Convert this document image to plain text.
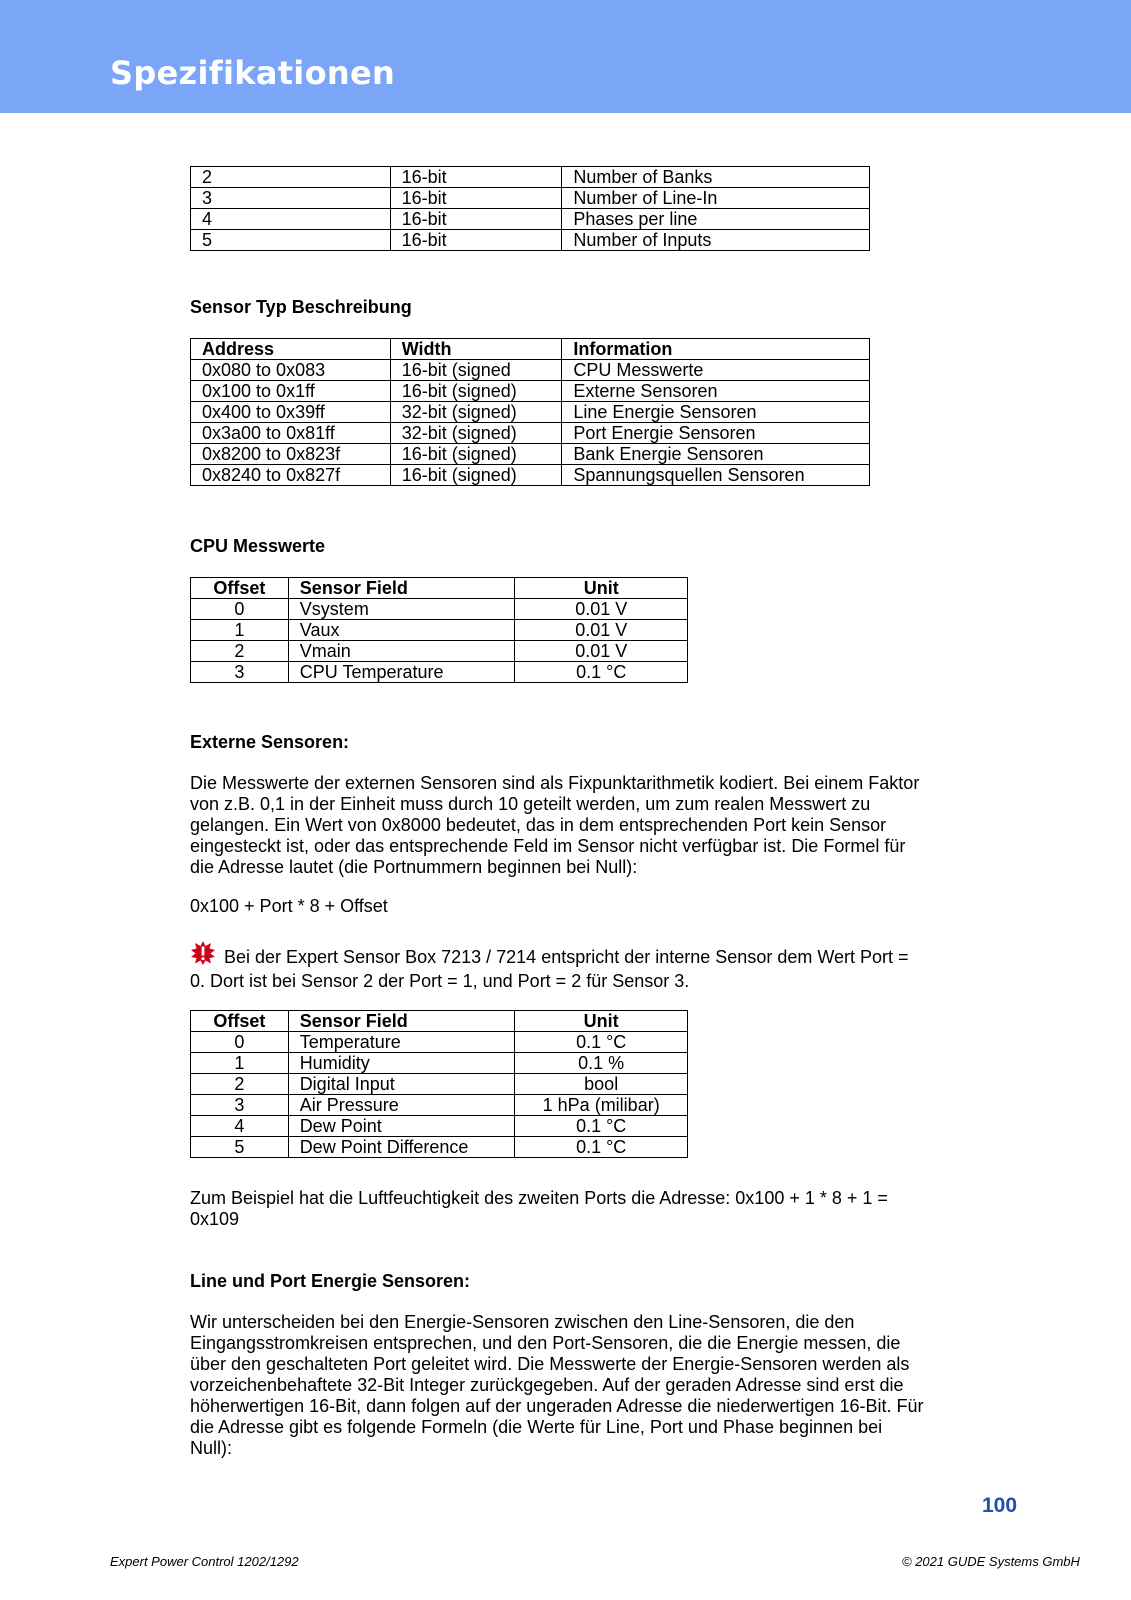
Spezifikationen
2	16-bit	Number of Banks
3	16-bit	Number of Line-In
4	16-bit	Phases per line
5	16-bit	Number of Inputs
Sensor Typ Beschreibung
Address	Width	Information
0x080 to 0x083	16-bit (signed	CPU Messwerte
0x100 to 0x1ff	16-bit (signed)	Externe Sensoren
0x400 to 0x39ff	32-bit (signed)	Line Energie Sensoren
0x3a00 to 0x81ff	32-bit (signed)	Port Energie Sensoren
0x8200 to 0x823f	16-bit (signed)	Bank Energie Sensoren
0x8240 to 0x827f	16-bit (signed)	Spannungsquellen Sensoren
CPU Messwerte
Offset	Sensor Field	Unit
0	Vsystem	0.01 V
1	Vaux	0.01 V
2	Vmain	0.01 V
3	CPU Temperature	0.1 °C
Externe Sensoren:
Die Messwerte der externen Sensoren sind als Fixpunktarithmetik kodiert. Bei einem Faktor von z.B. 0,1 in der Einheit muss durch 10 geteilt werden, um zum realen Messwert zu gelangen. Ein Wert von 0x8000 bedeutet, das in dem entsprechenden Port kein Sensor eingesteckt ist, oder das entsprechende Feld im Sensor nicht verfügbar ist. Die Formel für die Adresse lautet (die Portnummern beginnen bei Null):
0x100 + Port * 8 + Offset
Bei der Expert Sensor Box 7213 / 7214 entspricht der interne Sensor dem Wert Port = 0. Dort ist bei Sensor 2 der Port = 1, und Port = 2 für Sensor 3.
Offset	Sensor Field	Unit
0	Temperature	0.1 °C
1	Humidity	0.1 %
2	Digital Input	bool
3	Air Pressure	1 hPa (milibar)
4	Dew Point	0.1 °C
5	Dew Point Difference	0.1 °C
Zum Beispiel hat die Luftfeuchtigkeit des zweiten Ports die Adresse: 0x100 + 1 * 8 + 1 = 0x109
Line und Port Energie Sensoren:
Wir unterscheiden bei den Energie-Sensoren zwischen den Line-Sensoren, die den Eingangsstromkreisen entsprechen, und den Port-Sensoren, die die Energie messen, die über den geschalteten Port geleitet wird. Die Messwerte der Energie-Sensoren werden als vorzeichenbehaftete 32-Bit Integer zurückgegeben. Auf der geraden Adresse sind erst die höherwertigen 16-Bit, dann folgen auf der ungeraden Adresse die niederwertigen 16-Bit. Für die Adresse gibt es folgende Formeln (die Werte für Line, Port und Phase beginnen bei Null):
100
Expert Power Control 1202/1292	© 2021 GUDE Systems GmbH
